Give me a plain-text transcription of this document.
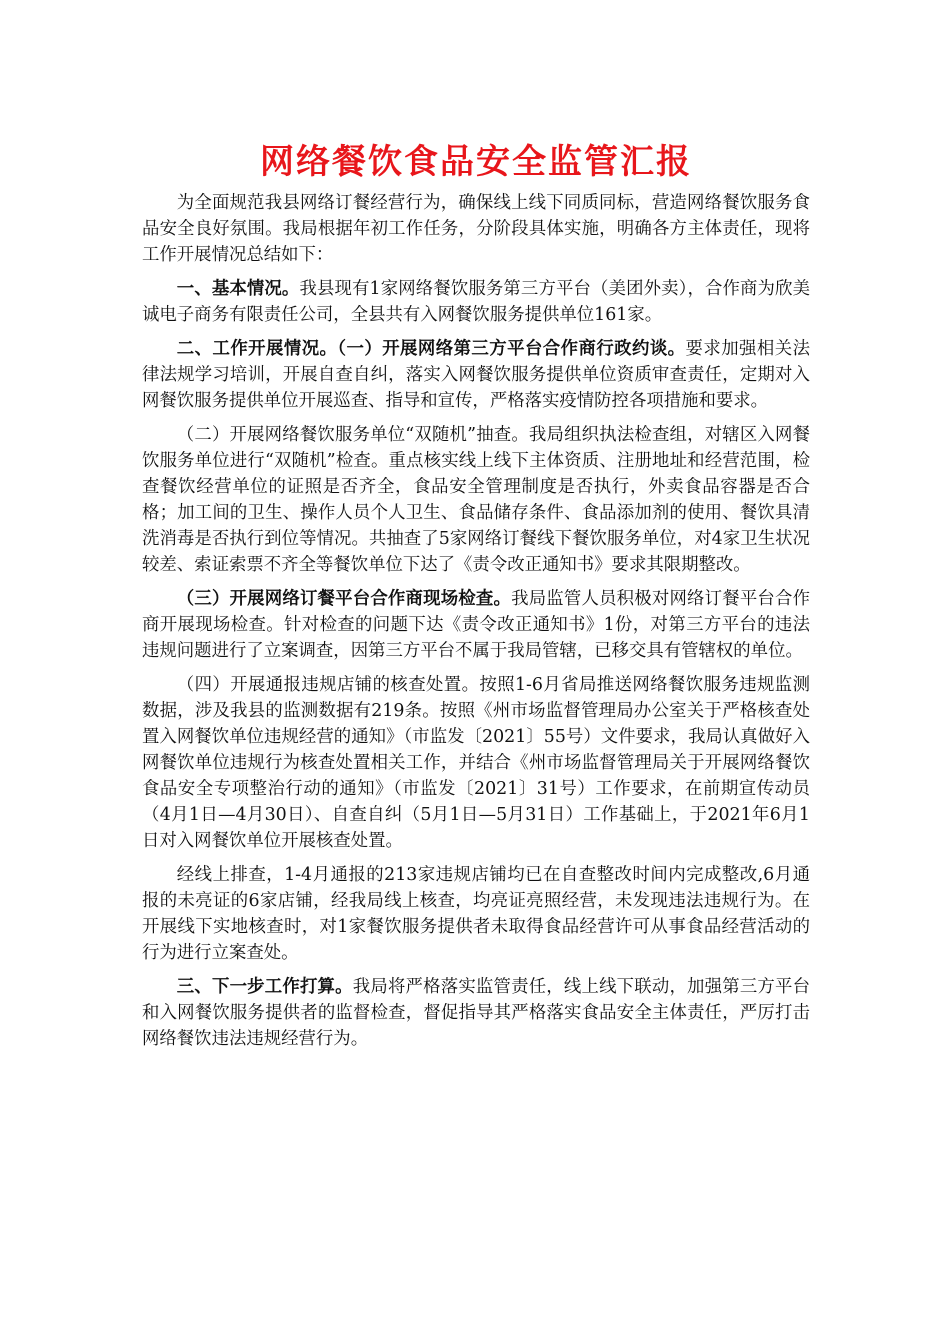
网络餐饮食品安全监管汇报

为全面规范我县网络订餐经营行为，确保线上线下同质同标，营造网络餐饮服务食品安全良好氛围。我局根据年初工作任务，分阶段具体实施，明确各方主体责任，现将工作开展情况总结如下：

一、基本情况。我县现有1家网络餐饮服务第三方平台（美团外卖），合作商为欣美诚电子商务有限责任公司，全县共有入网餐饮服务提供单位161家。

二、工作开展情况。（一）开展网络第三方平台合作商行政约谈。要求加强相关法律法规学习培训，开展自查自纠，落实入网餐饮服务提供单位资质审查责任，定期对入网餐饮服务提供单位开展巡查、指导和宣传，严格落实疫情防控各项措施和要求。

（二）开展网络餐饮服务单位“双随机”抽查。我局组织执法检查组，对辖区入网餐饮服务单位进行“双随机”检查。重点核实线上线下主体资质、注册地址和经营范围，检查餐饮经营单位的证照是否齐全，食品安全管理制度是否执行，外卖食品容器是否合格；加工间的卫生、操作人员个人卫生、食品储存条件、食品添加剂的使用、餐饮具清洗消毒是否执行到位等情况。共抽查了5家网络订餐线下餐饮服务单位，对4家卫生状况较差、索证索票不齐全等餐饮单位下达了《责令改正通知书》要求其限期整改。

（三）开展网络订餐平台合作商现场检查。我局监管人员积极对网络订餐平台合作商开展现场检查。针对检查的问题下达《责令改正通知书》1份，对第三方平台的违法违规问题进行了立案调查，因第三方平台不属于我局管辖，已移交具有管辖权的单位。

（四）开展通报违规店铺的核查处置。按照1-6月省局推送网络餐饮服务违规监测数据，涉及我县的监测数据有219条。按照《州市场监督管理局办公室关于严格核查处置入网餐饮单位违规经营的通知》（市监发〔2021〕55号）文件要求，我局认真做好入网餐饮单位违规行为核查处置相关工作，并结合《州市场监督管理局关于开展网络餐饮食品安全专项整治行动的通知》（市监发〔2021〕31号）工作要求，在前期宣传动员（4月1日—4月30日）、自查自纠（5月1日—5月31日）工作基础上，于2021年6月1日对入网餐饮单位开展核查处置。

经线上排查，1-4月通报的213家违规店铺均已在自查整改时间内完成整改,6月通报的未亮证的6家店铺，经我局线上核查，均亮证亮照经营，未发现违法违规行为。在开展线下实地核查时，对1家餐饮服务提供者未取得食品经营许可从事食品经营活动的行为进行立案查处。

三、下一步工作打算。我局将严格落实监管责任，线上线下联动，加强第三方平台和入网餐饮服务提供者的监督检查，督促指导其严格落实食品安全主体责任，严厉打击网络餐饮违法违规经营行为。
